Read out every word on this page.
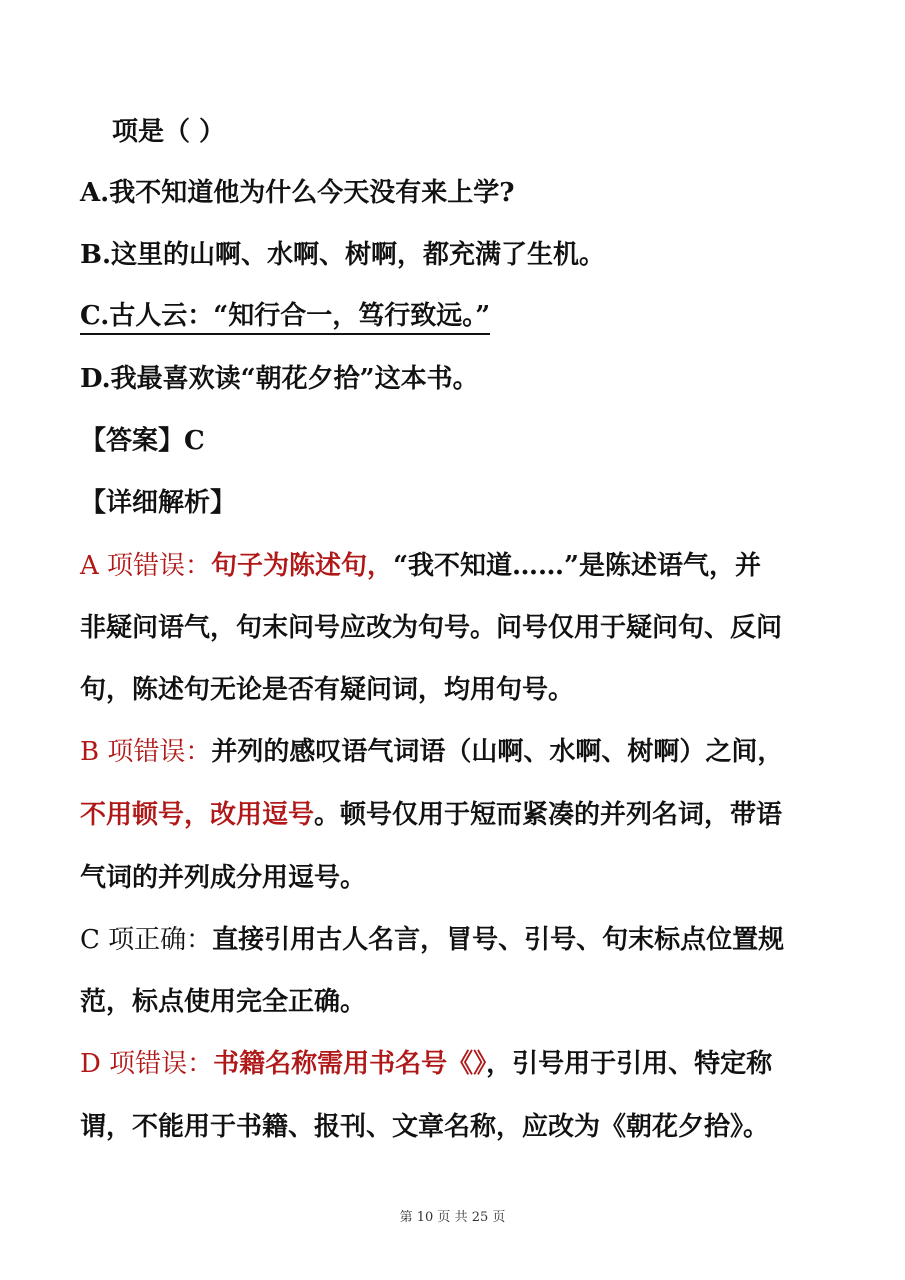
项是（ ）
A.我不知道他为什么今天没有来上学?
B.这里的山啊、水啊、树啊，都充满了生机。
C.古人云：“知行合一，笃行致远。”
D.我最喜欢读“朝花夕拾”这本书。
【答案】C
【详细解析】
A 项错误：句子为陈述句，“我不知道……”是陈述语气，并
非疑问语气，句末问号应改为句号。问号仅用于疑问句、反问
句，陈述句无论是否有疑问词，均用句号。
B 项错误：并列的感叹语气词语（山啊、水啊、树啊）之间，
不用顿号，改用逗号。顿号仅用于短而紧凑的并列名词，带语
气词的并列成分用逗号。
C 项正确：直接引用古人名言，冒号、引号、句末标点位置规
范，标点使用完全正确。
D 项错误：书籍名称需用书名号《》，引号用于引用、特定称
谓，不能用于书籍、报刊、文章名称，应改为《朝花夕拾》。
第 10 页 共 25 页
